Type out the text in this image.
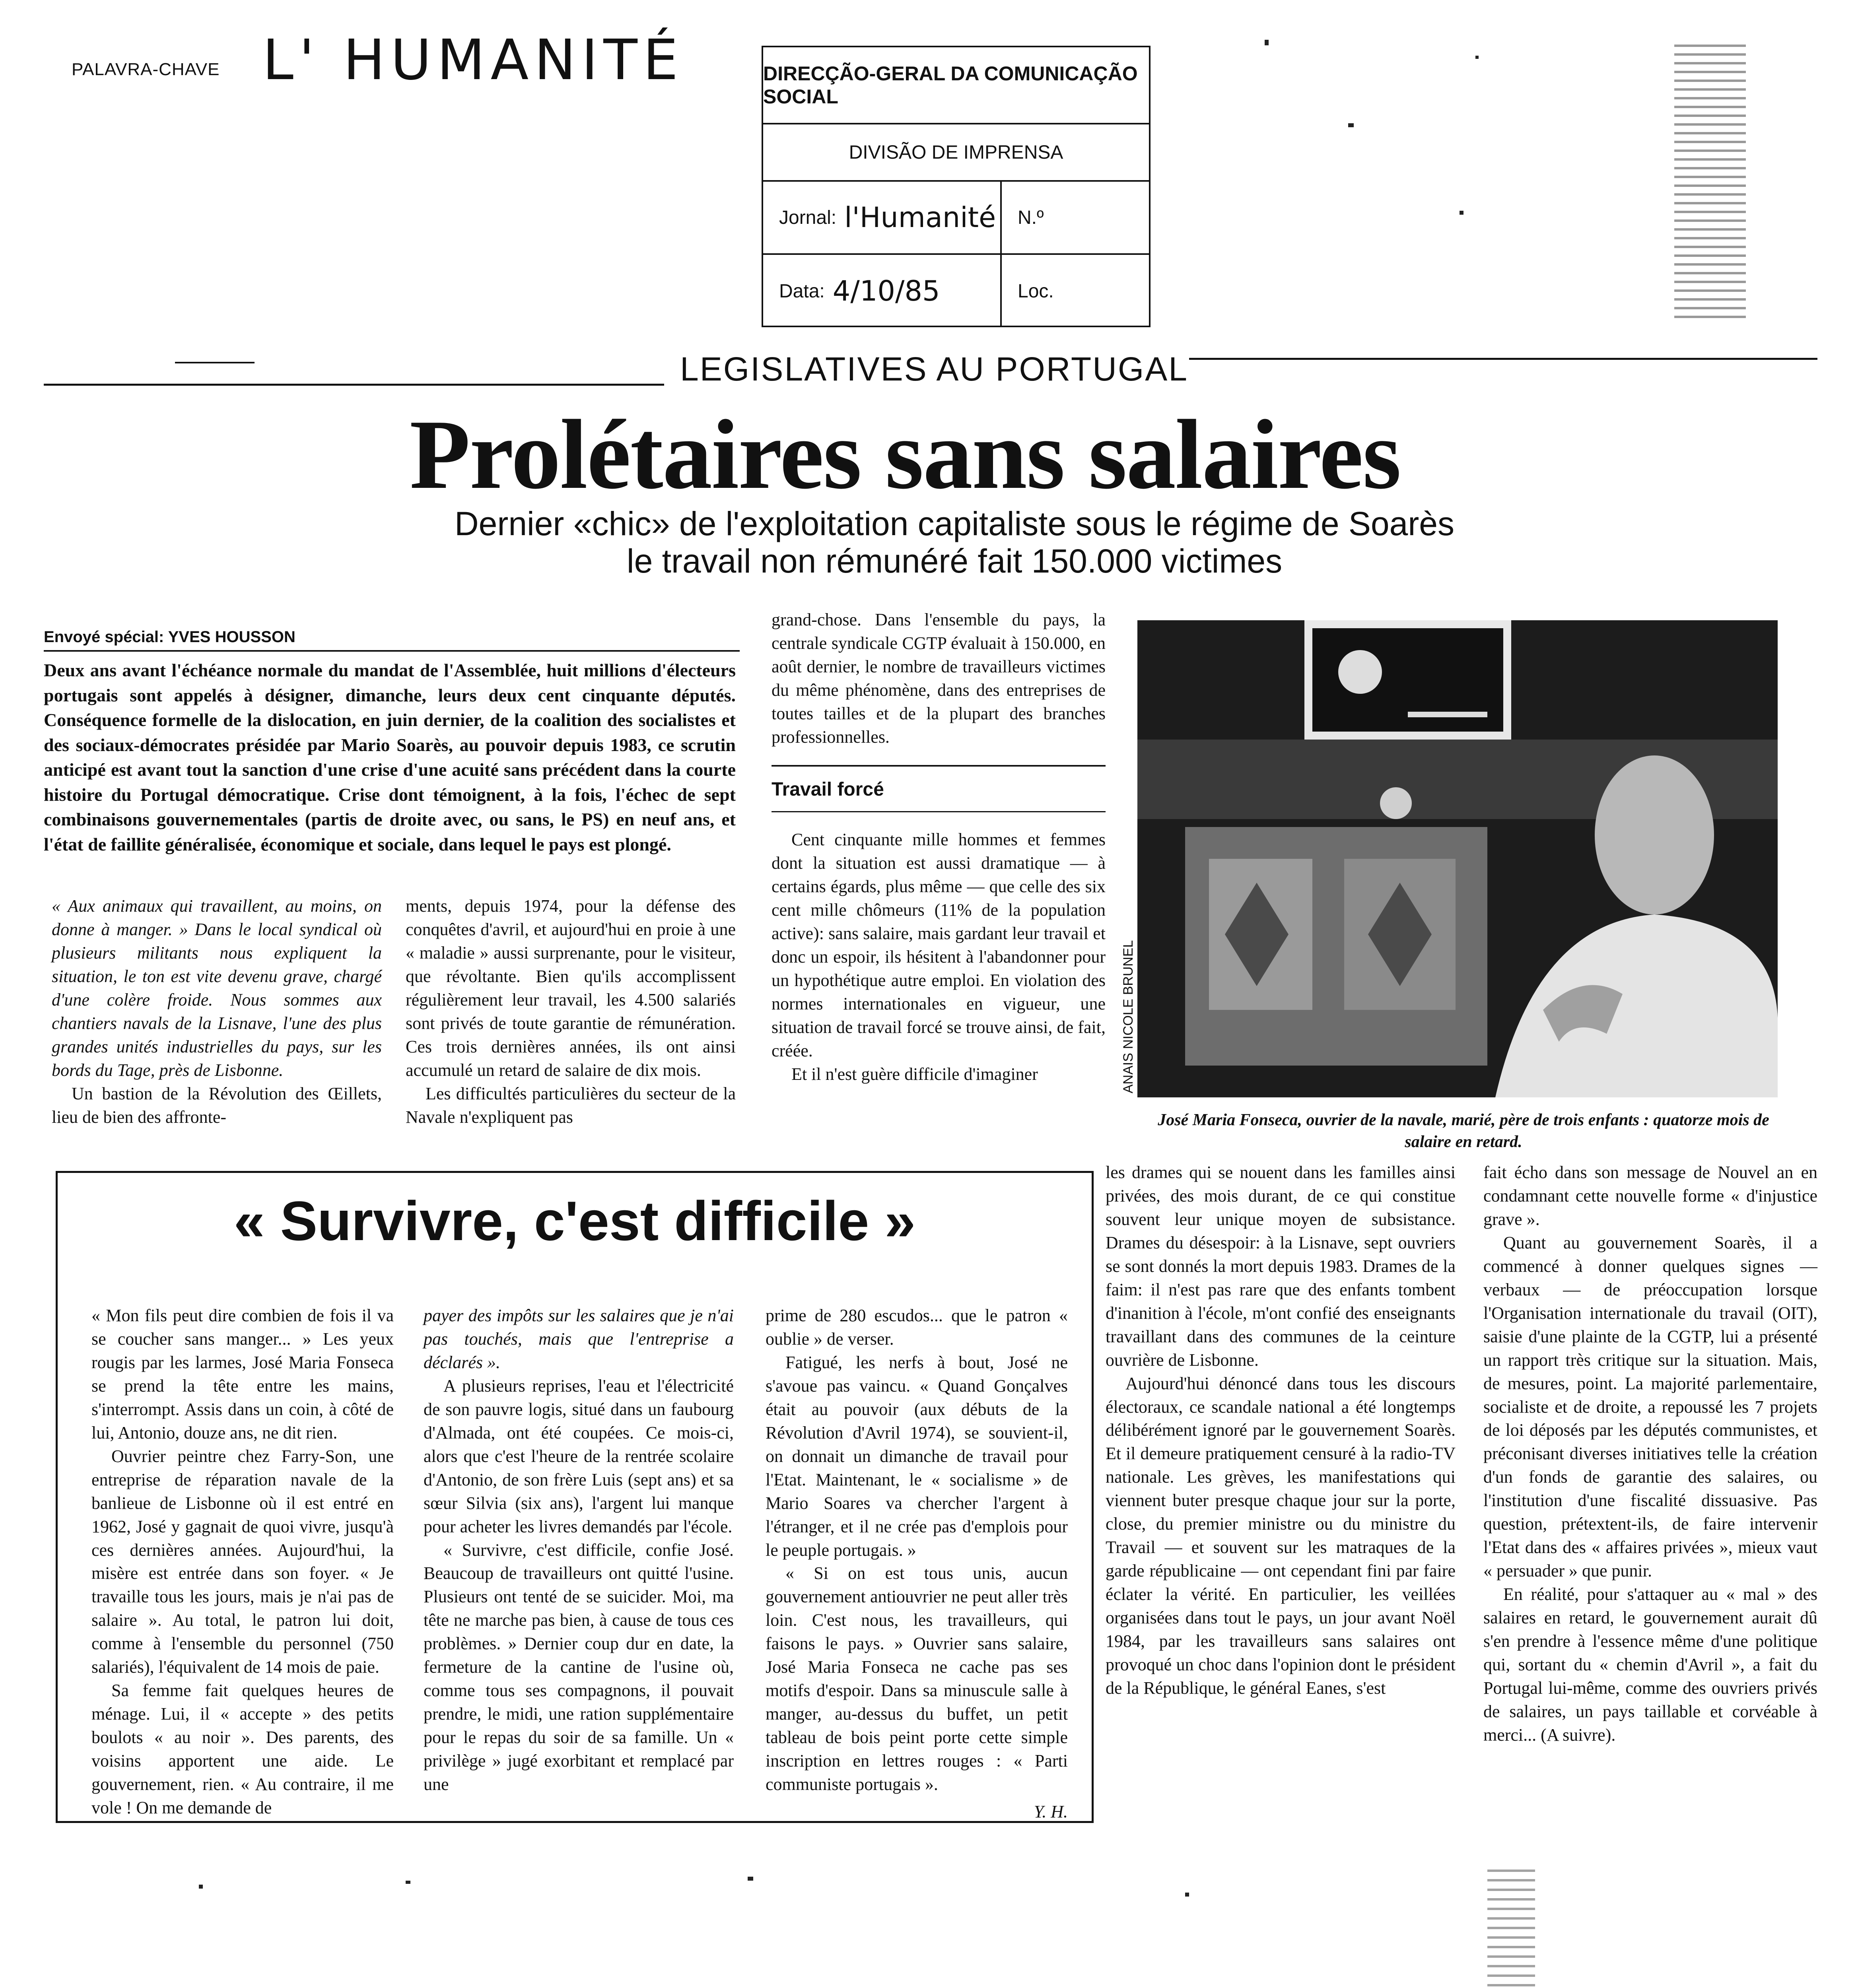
PALAVRA-CHAVE L' HUMANITÉ	DIRECÇÃO-GERAL DA COMUNICAÇÃO SOCIAL
DIVISÃO DE IMPRENSA
Jornal: l'Humanité	N.º
Data: 4/10/85	Loc.
LEGISLATIVES AU PORTUGAL
Prolétaires sans salaires
Dernier «chic» de l'exploitation capitaliste sous le régime de Soarès
le travail non rémunéré fait 150.000 victimes
Envoyé spécial: YVES HOUSSON
Deux ans avant l'échéance normale du mandat de l'Assemblée, huit millions d'électeurs portugais sont appelés à désigner, dimanche, leurs deux cent cinquante députés. Conséquence formelle de la dislocation, en juin dernier, de la coalition des socialistes et des sociaux-démocrates présidée par Mario Soarès, au pouvoir depuis 1983, ce scrutin anticipé est avant tout la sanction d'une crise d'une acuité sans précédent dans la courte histoire du Portugal démocratique. Crise dont témoignent, à la fois, l'échec de sept combinaisons gouvernementales (partis de droite avec, ou sans, le PS) en neuf ans, et l'état de faillite généralisée, économique et sociale, dans lequel le pays est plongé.

« Aux animaux qui travaillent, au moins, on donne à manger. » Dans le local syndical où plusieurs militants nous expliquent la situation, le ton est vite devenu grave, chargé d'une colère froide. Nous sommes aux chantiers navals de la Lisnave, l'une des plus grandes unités industrielles du pays, sur les bords du Tage, près de Lisbonne.

Un bastion de la Révolution des Œillets, lieu de bien des affronte-

ments, depuis 1974, pour la défense des conquêtes d'avril, et aujourd'hui en proie à une « maladie » aussi surprenante, pour le visiteur, que révoltante. Bien qu'ils accomplissent régulièrement leur travail, les 4.500 salariés sont privés de toute garantie de rémunération. Ces trois dernières années, ils ont ainsi accumulé un retard de salaire de dix mois.

Les difficultés particulières du secteur de la Navale n'expliquent pas

grand-chose. Dans l'ensemble du pays, la centrale syndicale CGTP évaluait à 150.000, en août dernier, le nombre de travailleurs victimes du même phénomène, dans des entreprises de toutes tailles et de la plupart des branches professionnelles.

Travail forcé

Cent cinquante mille hommes et femmes dont la situation est aussi dramatique — à certains égards, plus même — que celle des six cent mille chômeurs (11% de la population active): sans salaire, mais gardant leur travail et donc un espoir, ils hésitent à l'abandonner pour un hypothétique autre emploi. En violation des normes internationales en vigueur, une situation de travail forcé se trouve ainsi, de fait, créée.

Et il n'est guère difficile d'imaginer	ANAIS NICOLE BRUNEL
José Maria Fonseca, ouvrier de la navale, marié, père de trois enfants : quatorze mois de salaire en retard.

les drames qui se nouent dans les familles ainsi privées, des mois durant, de ce qui constitue souvent leur unique moyen de subsistance. Drames du désespoir: à la Lisnave, sept ouvriers se sont donnés la mort depuis 1983. Drames de la faim: il n'est pas rare que des enfants tombent d'inanition à l'école, m'ont confié des enseignants travaillant dans des communes de la ceinture ouvrière de Lisbonne.

Aujourd'hui dénoncé dans tous les discours électoraux, ce scandale national a été longtemps délibérément ignoré par le gouvernement Soarès. Et il demeure pratiquement censuré à la radio-TV nationale. Les grèves, les manifestations qui viennent buter presque chaque jour sur la porte, close, du premier ministre ou du ministre du Travail — et souvent sur les matraques de la garde républicaine — ont cependant fini par faire éclater la vérité. En particulier, les veillées organisées dans tout le pays, un jour avant Noël 1984, par les travailleurs sans salaires ont provoqué un choc dans l'opinion dont le président de la République, le général Eanes, s'est

fait écho dans son message de Nouvel an en condamnant cette nouvelle forme « d'injustice grave ».

Quant au gouvernement Soarès, il a commencé à donner quelques signes — verbaux — de préoccupation lorsque l'Organisation internationale du travail (OIT), saisie d'une plainte de la CGTP, lui a présenté un rapport très critique sur la situation. Mais, de mesures, point. La majorité parlementaire, socialiste et de droite, a repoussé les 7 projets de loi déposés par les députés communistes, et préconisant diverses initiatives telle la création d'un fonds de garantie des salaires, ou l'institution d'une fiscalité dissuasive. Pas question, prétextent-ils, de faire intervenir l'Etat dans des « affaires privées », mieux vaut « persuader » que punir.

En réalité, pour s'attaquer au « mal » des salaires en retard, le gouvernement aurait dû s'en prendre à l'essence même d'une politique qui, sortant du « chemin d'Avril », a fait du Portugal lui-même, comme des ouvriers privés de salaires, un pays taillable et corvéable à merci... (A suivre).

« Survivre, c'est difficile »

« Mon fils peut dire combien de fois il va se coucher sans manger... » Les yeux rougis par les larmes, José Maria Fonseca se prend la tête entre les mains, s'interrompt. Assis dans un coin, à côté de lui, Antonio, douze ans, ne dit rien.

Ouvrier peintre chez Farry-Son, une entreprise de réparation navale de la banlieue de Lisbonne où il est entré en 1962, José y gagnait de quoi vivre, jusqu'à ces dernières années. Aujourd'hui, la misère est entrée dans son foyer. « Je travaille tous les jours, mais je n'ai pas de salaire ». Au total, le patron lui doit, comme à l'ensemble du personnel (750 salariés), l'équivalent de 14 mois de paie.

Sa femme fait quelques heures de ménage. Lui, il « accepte » des petits boulots « au noir ». Des parents, des voisins apportent une aide. Le gouvernement, rien. « Au contraire, il me vole ! On me demande de

payer des impôts sur les salaires que je n'ai pas touchés, mais que l'entreprise a déclarés ».

A plusieurs reprises, l'eau et l'électricité de son pauvre logis, situé dans un faubourg d'Almada, ont été coupées. Ce mois-ci, alors que c'est l'heure de la rentrée scolaire d'Antonio, de son frère Luis (sept ans) et sa sœur Silvia (six ans), l'argent lui manque pour acheter les livres demandés par l'école.

« Survivre, c'est difficile, confie José. Beaucoup de travailleurs ont quitté l'usine. Plusieurs ont tenté de se suicider. Moi, ma tête ne marche pas bien, à cause de tous ces problèmes. » Dernier coup dur en date, la fermeture de la cantine de l'usine où, comme tous ses compagnons, il pouvait prendre, le midi, une ration supplémentaire pour le repas du soir de sa famille. Un « privilège » jugé exorbitant et remplacé par une

prime de 280 escudos... que le patron « oublie » de verser.

Fatigué, les nerfs à bout, José ne s'avoue pas vaincu. « Quand Gonçalves était au pouvoir (aux débuts de la Révolution d'Avril 1974), se souvient-il, on donnait un dimanche de travail pour l'Etat. Maintenant, le « socialisme » de Mario Soares va chercher l'argent à l'étranger, et il ne crée pas d'emplois pour le peuple portugais. »

« Si on est tous unis, aucun gouvernement antiouvrier ne peut aller très loin. C'est nous, les travailleurs, qui faisons le pays. » Ouvrier sans salaire, José Maria Fonseca ne cache pas ses motifs d'espoir. Dans sa minuscule salle à manger, au-dessus du buffet, un petit tableau de bois peint porte cette simple inscription en lettres rouges : « Parti communiste portugais ».

Y. H.
